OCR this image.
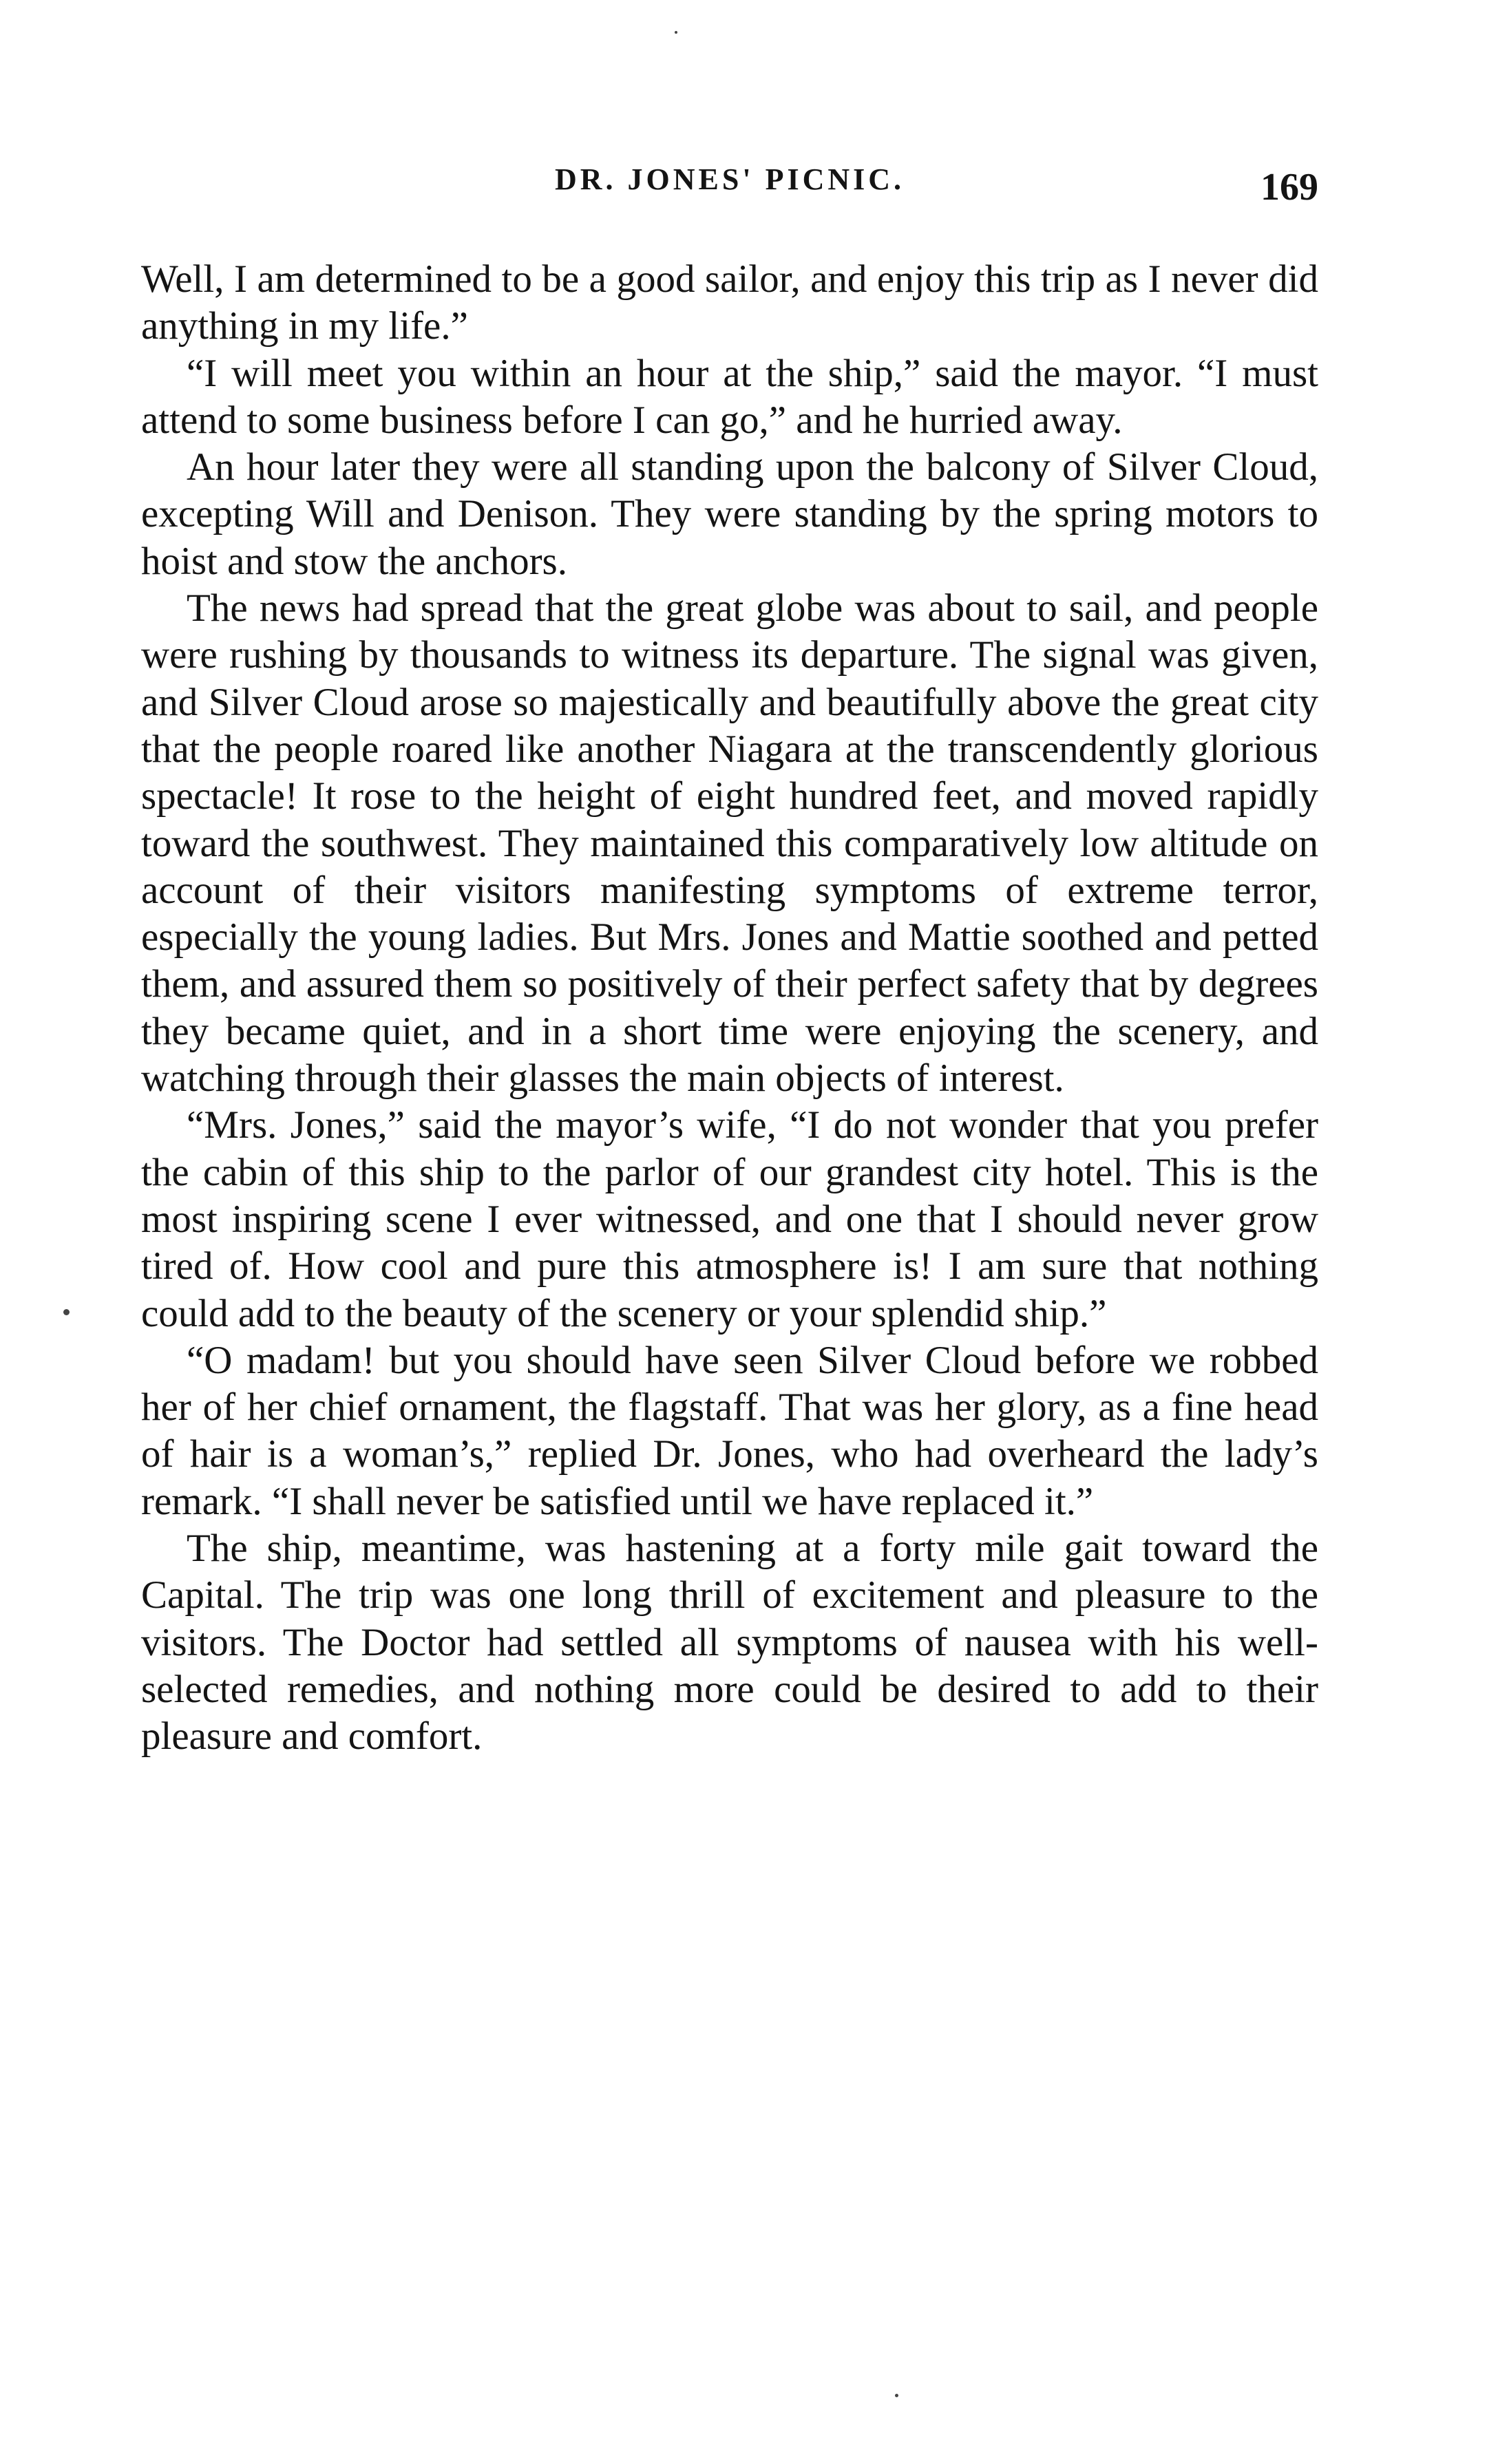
DR. JONES' PICNIC.	169

Well, I am determined to be a good sailor, and enjoy this trip as I never did anything in my life.”

“I will meet you within an hour at the ship,” said the mayor. “I must attend to some business before I can go,” and he hurried away.

An hour later they were all standing upon the balcony of Silver Cloud, excepting Will and Denison. They were standing by the spring motors to hoist and stow the anchors.

The news had spread that the great globe was about to sail, and people were rushing by thousands to witness its departure. The signal was given, and Silver Cloud arose so majestically and beautifully above the great city that the people roared like another Niagara at the transcendently glorious spectacle! It rose to the height of eight hundred feet, and moved rapidly toward the southwest. They maintained this comparatively low altitude on account of their visitors manifesting symptoms of extreme terror, especially the young ladies. But Mrs. Jones and Mattie soothed and petted them, and assured them so positively of their perfect safety that by degrees they became quiet, and in a short time were enjoying the scenery, and watching through their glasses the main objects of interest.

“Mrs. Jones,” said the mayor’s wife, “I do not wonder that you prefer the cabin of this ship to the parlor of our grandest city hotel. This is the most inspiring scene I ever witnessed, and one that I should never grow tired of. How cool and pure this atmosphere is! I am sure that nothing could add to the beauty of the scenery or your splendid ship.”

“O madam! but you should have seen Silver Cloud before we robbed her of her chief ornament, the flagstaff. That was her glory, as a fine head of hair is a woman’s,” replied Dr. Jones, who had overheard the lady’s remark. “I shall never be satisfied until we have replaced it.”

The ship, meantime, was hastening at a forty mile gait toward the Capital. The trip was one long thrill of excitement and pleasure to the visitors. The Doctor had settled all symptoms of nausea with his well-selected remedies, and nothing more could be desired to add to their pleasure and comfort.
